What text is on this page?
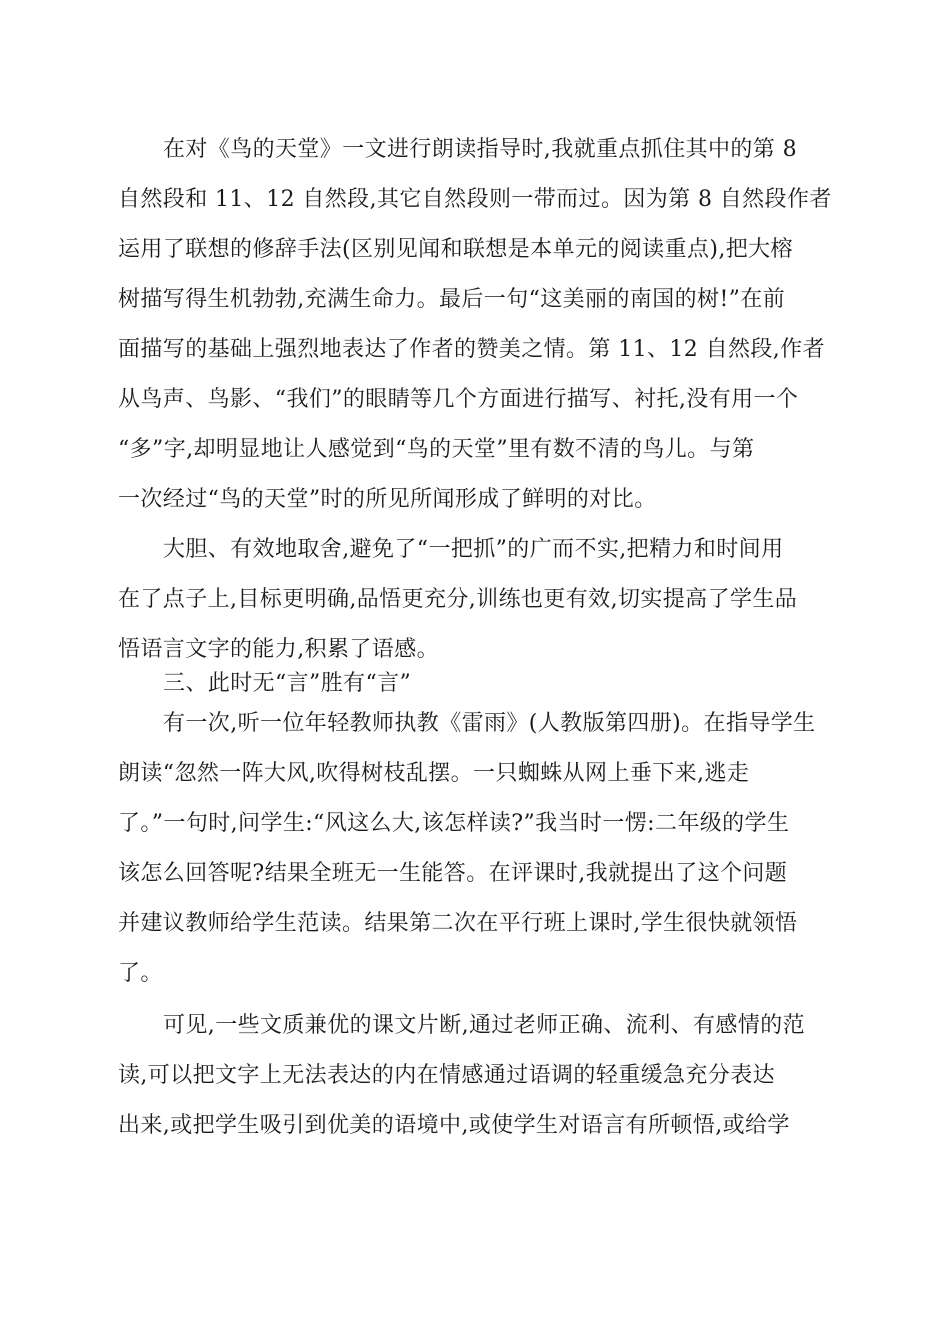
在对《鸟的天堂》一文进行朗读指导时,我就重点抓住其中的第 8
自然段和 11、12 自然段,其它自然段则一带而过。因为第 8 自然段作者
运用了联想的修辞手法(区别见闻和联想是本单元的阅读重点),把大榕
树描写得生机勃勃,充满生命力。最后一句“这美丽的南国的树!”在前
面描写的基础上强烈地表达了作者的赞美之情。第 11、12 自然段,作者
从鸟声、鸟影、“我们”的眼睛等几个方面进行描写、衬托,没有用一个
“多”字,却明显地让人感觉到“鸟的天堂”里有数不清的鸟儿。与第
一次经过“鸟的天堂”时的所见所闻形成了鲜明的对比。
大胆、有效地取舍,避免了“一把抓”的广而不实,把精力和时间用
在了点子上,目标更明确,品悟更充分,训练也更有效,切实提高了学生品
悟语言文字的能力,积累了语感。
三、此时无“言”胜有“言”
有一次,听一位年轻教师执教《雷雨》(人教版第四册)。在指导学生
朗读“忽然一阵大风,吹得树枝乱摆。一只蜘蛛从网上垂下来,逃走
了。”一句时,问学生:“风这么大,该怎样读?”我当时一愣:二年级的学生
该怎么回答呢?结果全班无一生能答。在评课时,我就提出了这个问题
并建议教师给学生范读。结果第二次在平行班上课时,学生很快就领悟
了。
可见,一些文质兼优的课文片断,通过老师正确、流利、有感情的范
读,可以把文字上无法表达的内在情感通过语调的轻重缓急充分表达
出来,或把学生吸引到优美的语境中,或使学生对语言有所顿悟,或给学
